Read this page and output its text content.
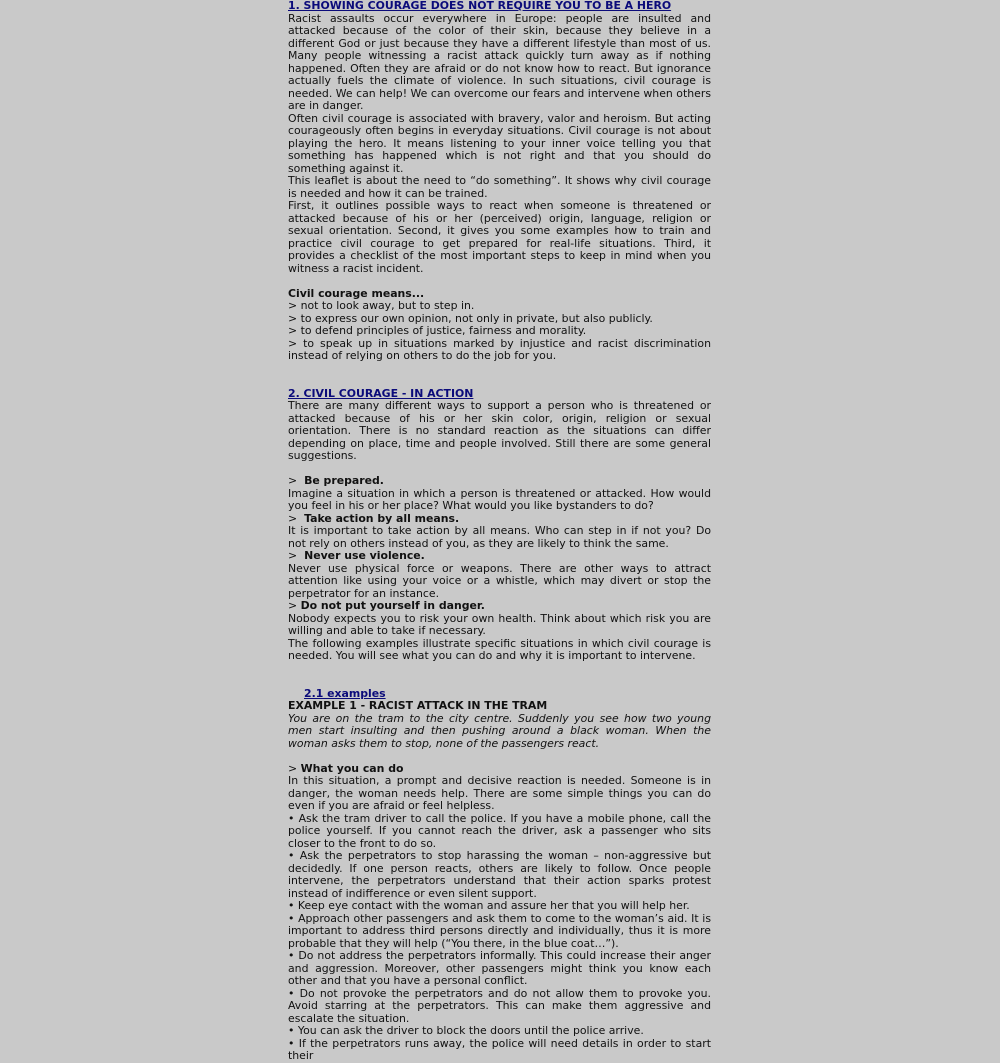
1. SHOWING COURAGE DOES NOT REQUIRE YOU TO BE A HERO

Racist assaults occur everywhere in Europe: people are insulted and attacked because of the color of their skin, because they believe in a different God or just because they have a different lifestyle than most of us. Many people witnessing a racist attack quickly turn away as if nothing happened. Often they are afraid or do not know how to react. But ignorance actually fuels the climate of violence. In such situations, civil courage is needed. We can help! We can overcome our fears and intervene when others are in danger.

Often civil courage is associated with bravery, valor and heroism. But acting courageously often begins in everyday situations. Civil courage is not about playing the hero. It means listening to your inner voice telling you that something has happened which is not right and that you should do something against it.

This leaflet is about the need to “do something”. It shows why civil courage is needed and how it can be trained.

First, it outlines possible ways to react when someone is threatened or attacked because of his or her (perceived) origin, language, religion or sexual orientation. Second, it gives you some examples how to train and practice civil courage to get prepared for real-life situations. Third, it provides a checklist of the most important steps to keep in mind when you witness a racist incident.

Civil courage means...

> not to look away, but to step in.

> to express our own opinion, not only in private, but also publicly.

> to defend principles of justice, fairness and morality.

> to speak up in situations marked by injustice and racist discrimination instead of relying on others to do the job for you.

2. CIVIL COURAGE - IN ACTION

There are many different ways to support a person who is threatened or attacked because of his or her skin color, origin, religion or sexual orientation. There is no standard reaction as the situations can differ depending on place, time and people involved. Still there are some general suggestions.

> Be prepared.

Imagine a situation in which a person is threatened or attacked. How would you feel in his or her place? What would you like bystanders to do?

> Take action by all means.

It is important to take action by all means. Who can step in if not you? Do not rely on others instead of you, as they are likely to think the same.

> Never use violence.

Never use physical force or weapons. There are other ways to attract attention like using your voice or a whistle, which may divert or stop the perpetrator for an instance.

> Do not put yourself in danger.

Nobody expects you to risk your own health. Think about which risk you are willing and able to take if necessary.

The following examples illustrate specific situations in which civil courage is needed. You will see what you can do and why it is important to intervene.

2.1 examples

EXAMPLE 1 - RACIST ATTACK IN THE TRAM

You are on the tram to the city centre. Suddenly you see how two young men start insulting and then pushing around a black woman. When the woman asks them to stop, none of the passengers react.

> What you can do

In this situation, a prompt and decisive reaction is needed. Someone is in danger, the woman needs help. There are some simple things you can do even if you are afraid or feel helpless.

• Ask the tram driver to call the police. If you have a mobile phone, call the police yourself. If you cannot reach the driver, ask a passenger who sits closer to the front to do so.

• Ask the perpetrators to stop harassing the woman – non-aggressive but decidedly. If one person reacts, others are likely to follow. Once people intervene, the perpetrators understand that their action sparks protest instead of indifference or even silent support.

• Keep eye contact with the woman and assure her that you will help her.

• Approach other passengers and ask them to come to the woman’s aid. It is important to address third persons directly and individually, thus it is more probable that they will help (“You there, in the blue coat…”).

• Do not address the perpetrators informally. This could increase their anger and aggression. Moreover, other passengers might think you know each other and that you have a personal conflict.

• Do not provoke the perpetrators and do not allow them to provoke you. Avoid starring at the perpetrators. This can make them aggressive and escalate the situation.

• You can ask the driver to block the doors until the police arrive.

• If the perpetrators runs away, the police will need details in order to start their
